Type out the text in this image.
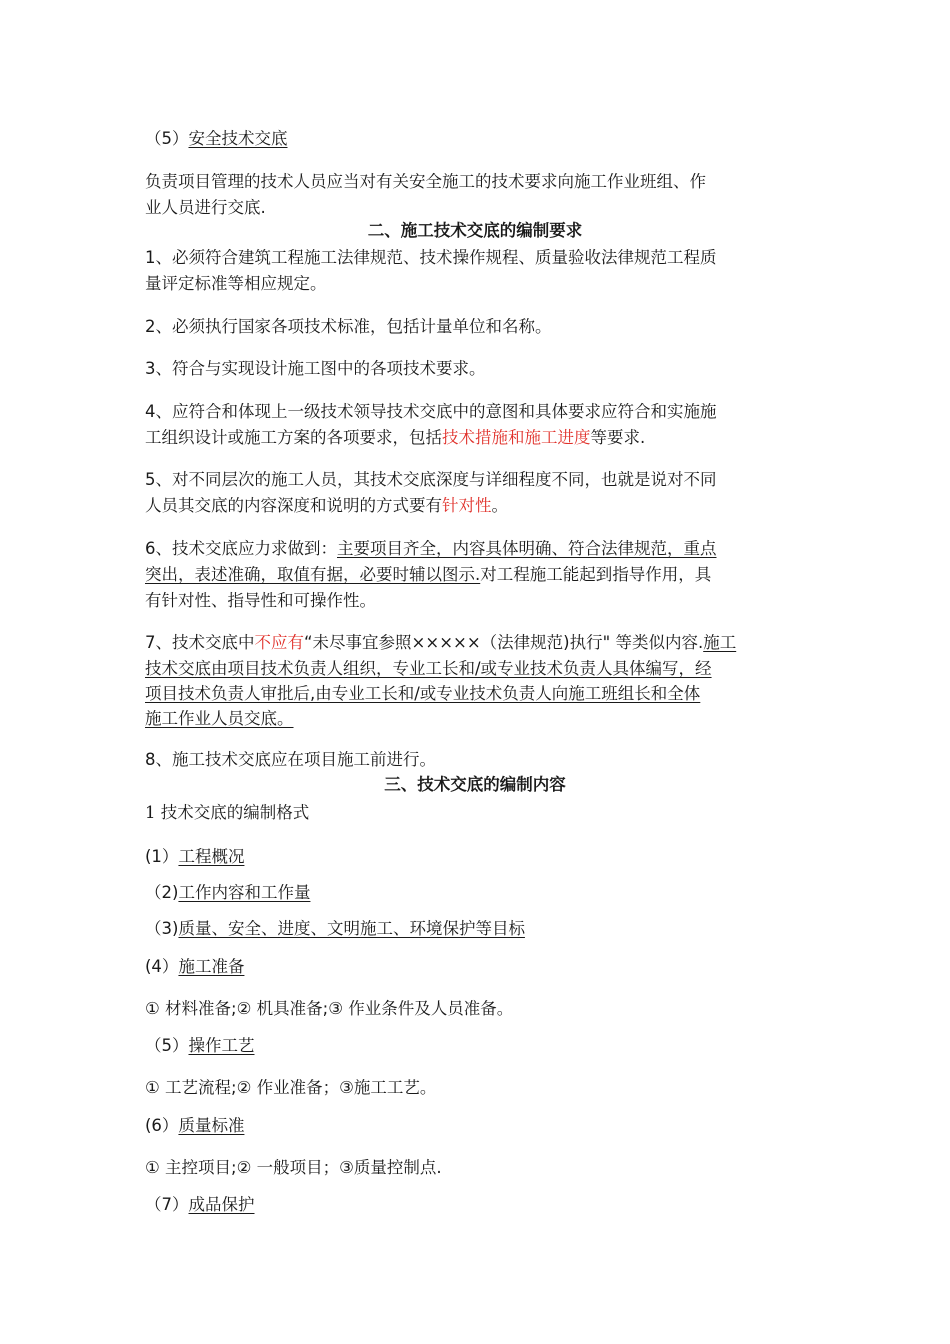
（5）安全技术交底
负责项目管理的技术人员应当对有关安全施工的技术要求向施工作业班组、作
业人员进行交底.
二、施工技术交底的编制要求
1、必须符合建筑工程施工法律规范、技术操作规程、质量验收法律规范工程质
量评定标准等相应规定。
2、必须执行国家各项技术标准，包括计量单位和名称。
3、符合与实现设计施工图中的各项技术要求。
4、应符合和体现上一级技术领导技术交底中的意图和具体要求应符合和实施施
工组织设计或施工方案的各项要求，包括技术措施和施工进度等要求.
5、对不同层次的施工人员，其技术交底深度与详细程度不同，也就是说对不同
人员其交底的内容深度和说明的方式要有针对性。
6、技术交底应力求做到：主要项目齐全，内容具体明确、符合法律规范，重点
突出，表述准确，取值有据，必要时辅以图示.对工程施工能起到指导作用，具
有针对性、指导性和可操作性。
7、技术交底中不应有“未尽事宜参照×××××（法律规范)执行" 等类似内容.施工
技术交底由项目技术负责人组织，专业工长和/或专业技术负责人具体编写，经
项目技术负责人审批后,由专业工长和/或专业技术负责人向施工班组长和全体
施工作业人员交底。
8、施工技术交底应在项目施工前进行。
三、技术交底的编制内容
1 技术交底的编制格式
(1）工程概况
（2)工作内容和工作量
（3)质量、安全、进度、文明施工、环境保护等目标
(4）施工准备
① 材料准备;② 机具准备;③ 作业条件及人员准备。
（5）操作工艺
① 工艺流程;② 作业准备；③施工工艺。
(6）质量标准
① 主控项目;② 一般项目；③质量控制点.
（7）成品保护
